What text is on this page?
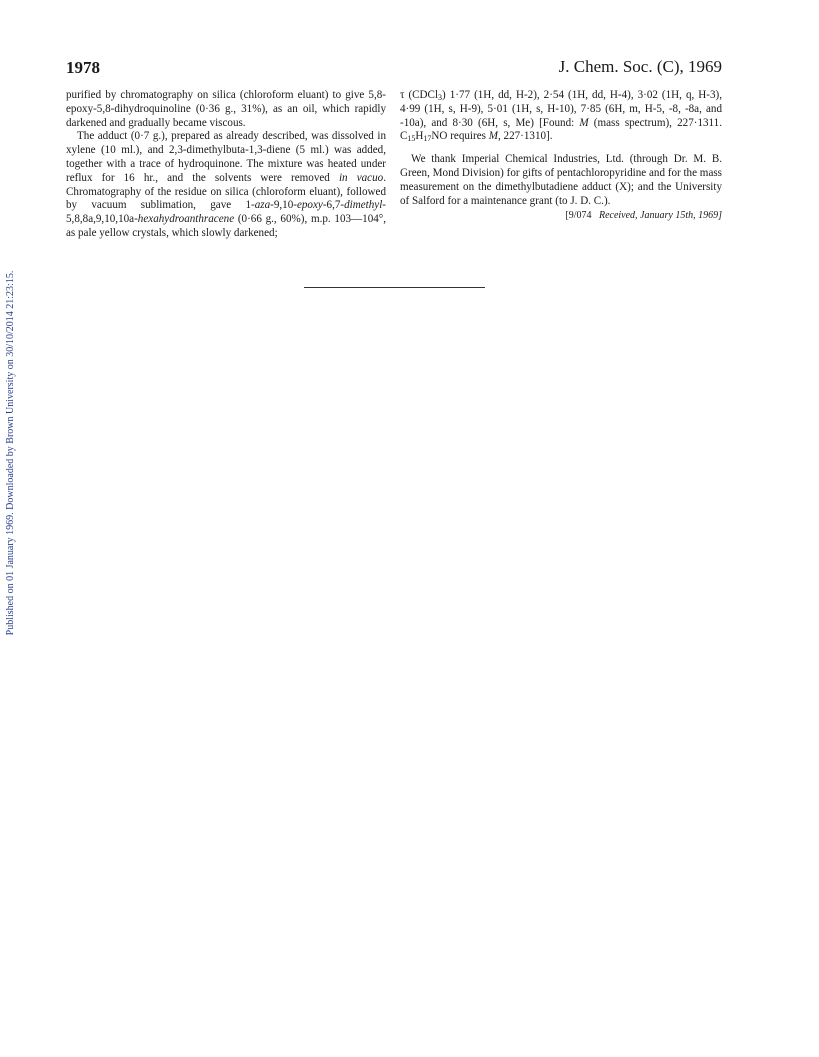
1978	J. Chem. Soc. (C), 1969
Published on 01 January 1969. Downloaded by Brown University on 30/10/2014 21:23:15.

purified by chromatography on silica (chloroform eluant) to give 5,8-epoxy-5,8-dihydroquinoline (0·36 g., 31%), as an oil, which rapidly darkened and gradually became viscous.

The adduct (0·7 g.), prepared as already described, was dissolved in xylene (10 ml.), and 2,3-dimethylbuta-1,3-diene (5 ml.) was added, together with a trace of hydroquinone. The mixture was heated under reflux for 16 hr., and the solvents were removed in vacuo. Chromatography of the residue on silica (chloroform eluant), followed by vacuum sublimation, gave 1-aza-9,10-epoxy-6,7-dimethyl-5,8,8a,9,10,10a-hexahydroanthracene (0·66 g., 60%), m.p. 103—104°, as pale yellow crystals, which slowly darkened;

τ (CDCl$_3$) 1·77 (1H, dd, H-2), 2·54 (1H, dd, H-4), 3·02 (1H, q, H-3), 4·99 (1H, s, H-9), 5·01 (1H, s, H-10), 7·85 (6H, m, H-5, -8, -8a, and -10a), and 8·30 (6H, s, Me) [Found: M (mass spectrum), 227·1311. $C_{15}H_{17}NO$ requires M, 227·1310].

We thank Imperial Chemical Industries, Ltd. (through Dr. M. B. Green, Mond Division) for gifts of pentachloropyridine and for the mass measurement on the dimethylbutadiene adduct (X); and the University of Salford for a maintenance grant (to J. D. C.).

[9/074 Received, January 15th, 1969]
